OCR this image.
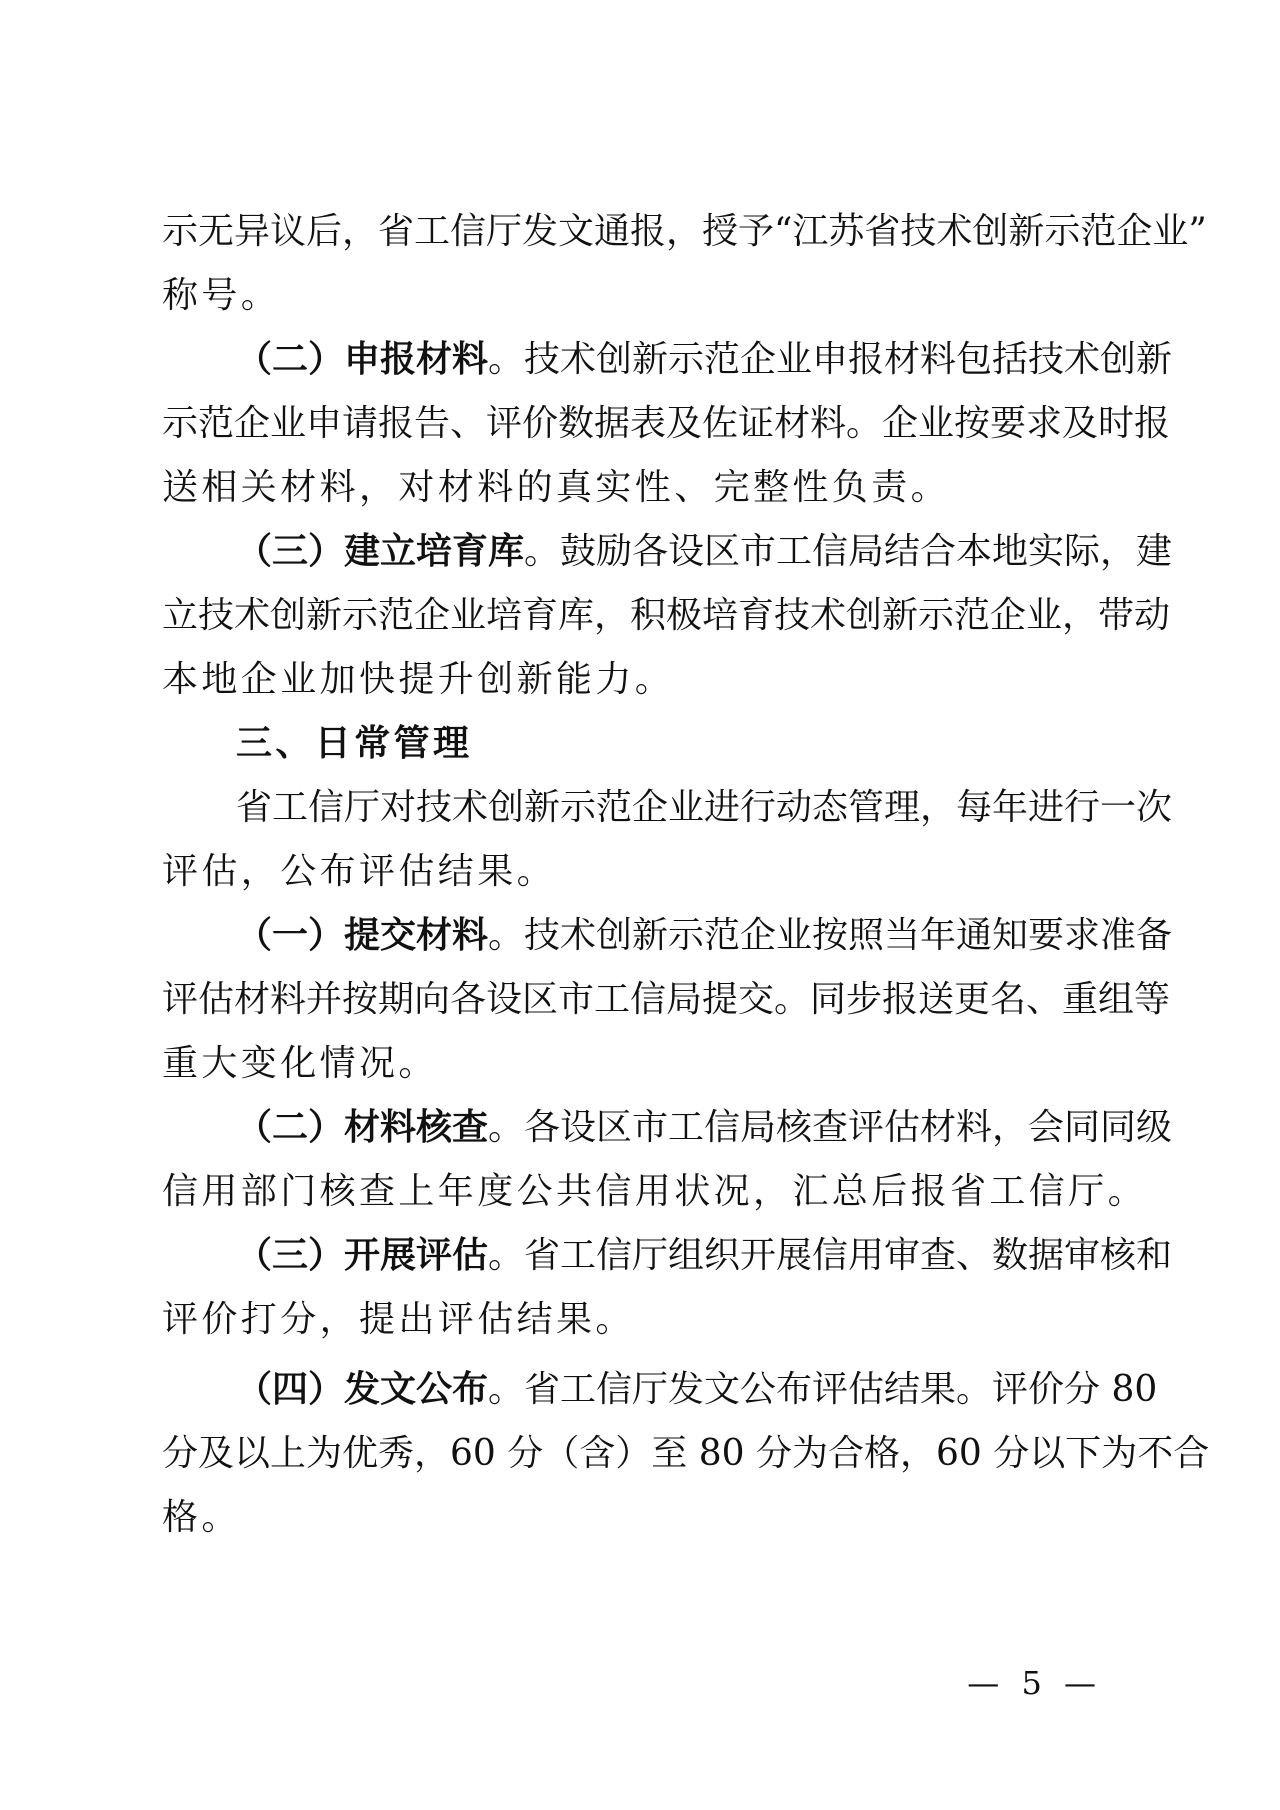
示无异议后，省工信厅发文通报，授予“江苏省技术创新示范企业”
称号。
（二）申报材料。技术创新示范企业申报材料包括技术创新
示范企业申请报告、评价数据表及佐证材料。企业按要求及时报
送相关材料，对材料的真实性、完整性负责。
（三）建立培育库。鼓励各设区市工信局结合本地实际，建
立技术创新示范企业培育库，积极培育技术创新示范企业，带动
本地企业加快提升创新能力。
三、日常管理
省工信厅对技术创新示范企业进行动态管理，每年进行一次
评估，公布评估结果。
（一）提交材料。技术创新示范企业按照当年通知要求准备
评估材料并按期向各设区市工信局提交。同步报送更名、重组等
重大变化情况。
（二）材料核查。各设区市工信局核查评估材料，会同同级
信用部门核查上年度公共信用状况，汇总后报省工信厅。
（三）开展评估。省工信厅组织开展信用审查、数据审核和
评价打分，提出评估结果。
（四）发文公布。省工信厅发文公布评估结果。评价分 80
分及以上为优秀，60 分（含）至 80 分为合格，60 分以下为不合
格。
— 5 —
